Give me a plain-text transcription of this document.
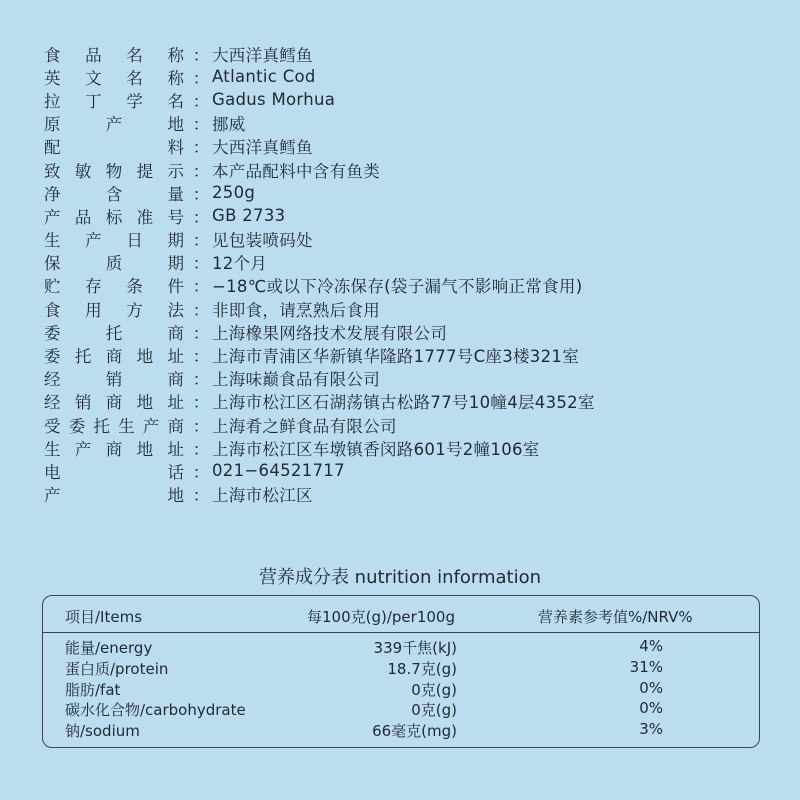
食 品 名 称 ： 大西洋真鳕鱼
英 文 名 称 ： Atlantic Cod
拉 丁 学 名 ： Gadus Morhua
原	产	地 ： 挪威
配	料 ： 大西洋真鳕鱼
致 敏 物 提 示 ： 本产品配料中含有鱼类
净	含	量 ： 250g
产 品 标 准 号 ： GB 2733
生 产 日 期 ： 见包装喷码处
保	质	期 ： 12个月
贮 存 条 件 ： −18℃或以下冷冻保存(袋子漏气不影响正常食用)
食 用 方 法 ： 非即食，请烹熟后食用
委	托	商 ： 上海橡果网络技术发展有限公司
委 托 商 地 址 ： 上海市青浦区华新镇华隆路1777号C座3楼321室
经	销	商 ： 上海味巅食品有限公司
经 销 商 地 址 ： 上海市松江区石湖荡镇古松路77号10幢4层4352室
受 委 托 生 产 商 ： 上海肴之鲜食品有限公司
生 产 商 地 址 ： 上海市松江区车墩镇香闵路601号2幢106室
电	话 ： 021−64521717
产	地 ： 上海市松江区
营养成分表 nutrition information
项目/Items	每100克(g)/per100g	营养素参考值%/NRV%
能量/energy	339千焦(kJ)	4%
蛋白质/protein	18.7克(g)	31%
脂肪/fat	0克(g)	0%
碳水化合物/carbohydrate	0克(g)	0%
钠/sodium	66毫克(mg)	3%
